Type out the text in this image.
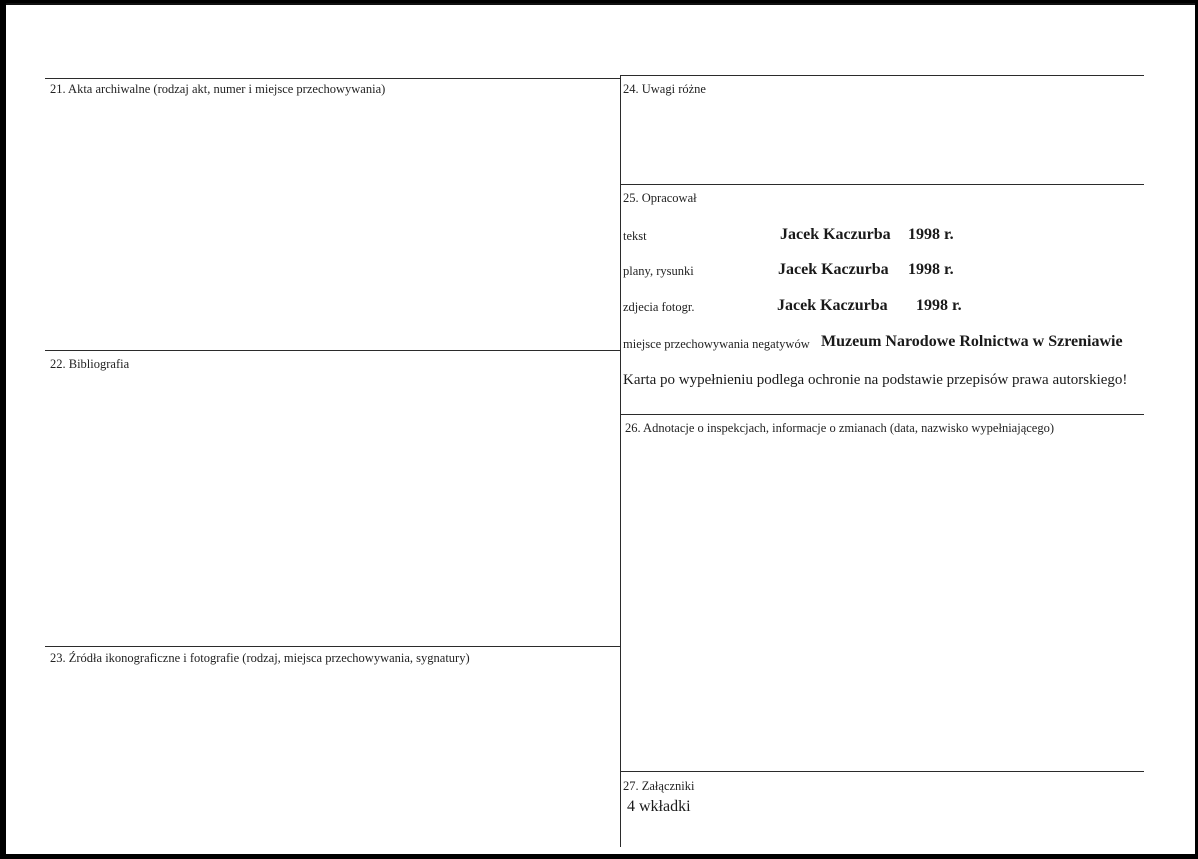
21. Akta archiwalne (rodzaj akt, numer i miejsce przechowywania)
22. Bibliografia
23. Źródła ikonograficzne i fotografie (rodzaj, miejsca przechowywania, sygnatury)
24. Uwagi różne
25. Opracował
26. Adnotacje o inspekcjach, informacje o zmianach (data, nazwisko wypełniającego)
27. Załączniki
tekst	Jacek Kaczurba 1998 r.
plany, rysunki	Jacek Kaczurba 1998 r.
zdjecia fotogr.	Jacek Kaczurba 1998 r.
miejsce przechowywania negatywów Muzeum Narodowe Rolnictwa w Szreniawie
Karta po wypełnieniu podlega ochronie na podstawie przepisów prawa autorskiego!
4 wkładki
